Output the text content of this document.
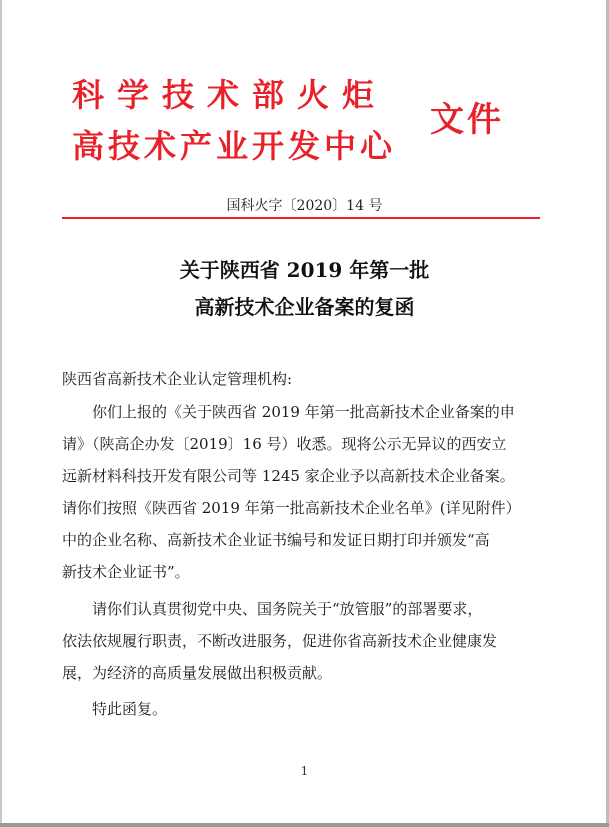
科学技术部火炬
高技术产业开发中心
文件
国科火字〔2020〕14 号
关于陕西省 2019 年第一批
高新技术企业备案的复函
陕西省高新技术企业认定管理机构:
你们上报的《关于陕西省 2019 年第一批高新技术企业备案的申
请》（陕高企办发〔2019〕16 号）收悉。现将公示无异议的西安立
远新材料科技开发有限公司等 1245 家企业予以高新技术企业备案。
请你们按照《陕西省 2019 年第一批高新技术企业名单》(详见附件）
中的企业名称、高新技术企业证书编号和发证日期打印并颁发“高
新技术企业证书”。
请你们认真贯彻党中央、国务院关于“放管服”的部署要求，
依法依规履行职责，不断改进服务，促进你省高新技术企业健康发
展，为经济的高质量发展做出积极贡献。
特此函复。
1
